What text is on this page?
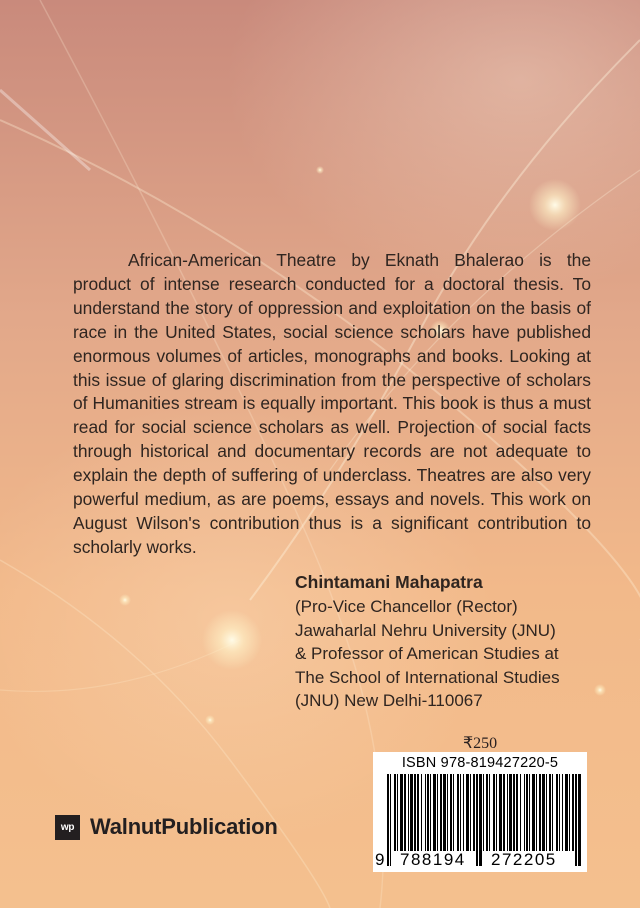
African-American Theatre by Eknath Bhalerao is the product of intense research conducted for a doctoral thesis. To understand the story of oppression and exploitation on the basis of race in the United States, social science scholars have published enormous volumes of articles, monographs and books. Looking at this issue of glaring discrimination from the perspective of scholars of Humanities stream is equally important. This book is thus a must read for social science scholars as well. Projection of social facts through historical and documentary records are not adequate to explain the depth of suffering of underclass. Theatres are also very powerful medium, as are poems, essays and novels. This work on August Wilson's contribution thus is a significant contribution to scholarly works.

Chintamani Mahapatra

(Pro-Vice Chancellor (Rector)

Jawaharlal Nehru University (JNU)

& Professor of American Studies at

The School of International Studies

(JNU) New Delhi-110067

₹250
ISBN 978-819427220-5
9 788194 272205
wp WalnutPublication
